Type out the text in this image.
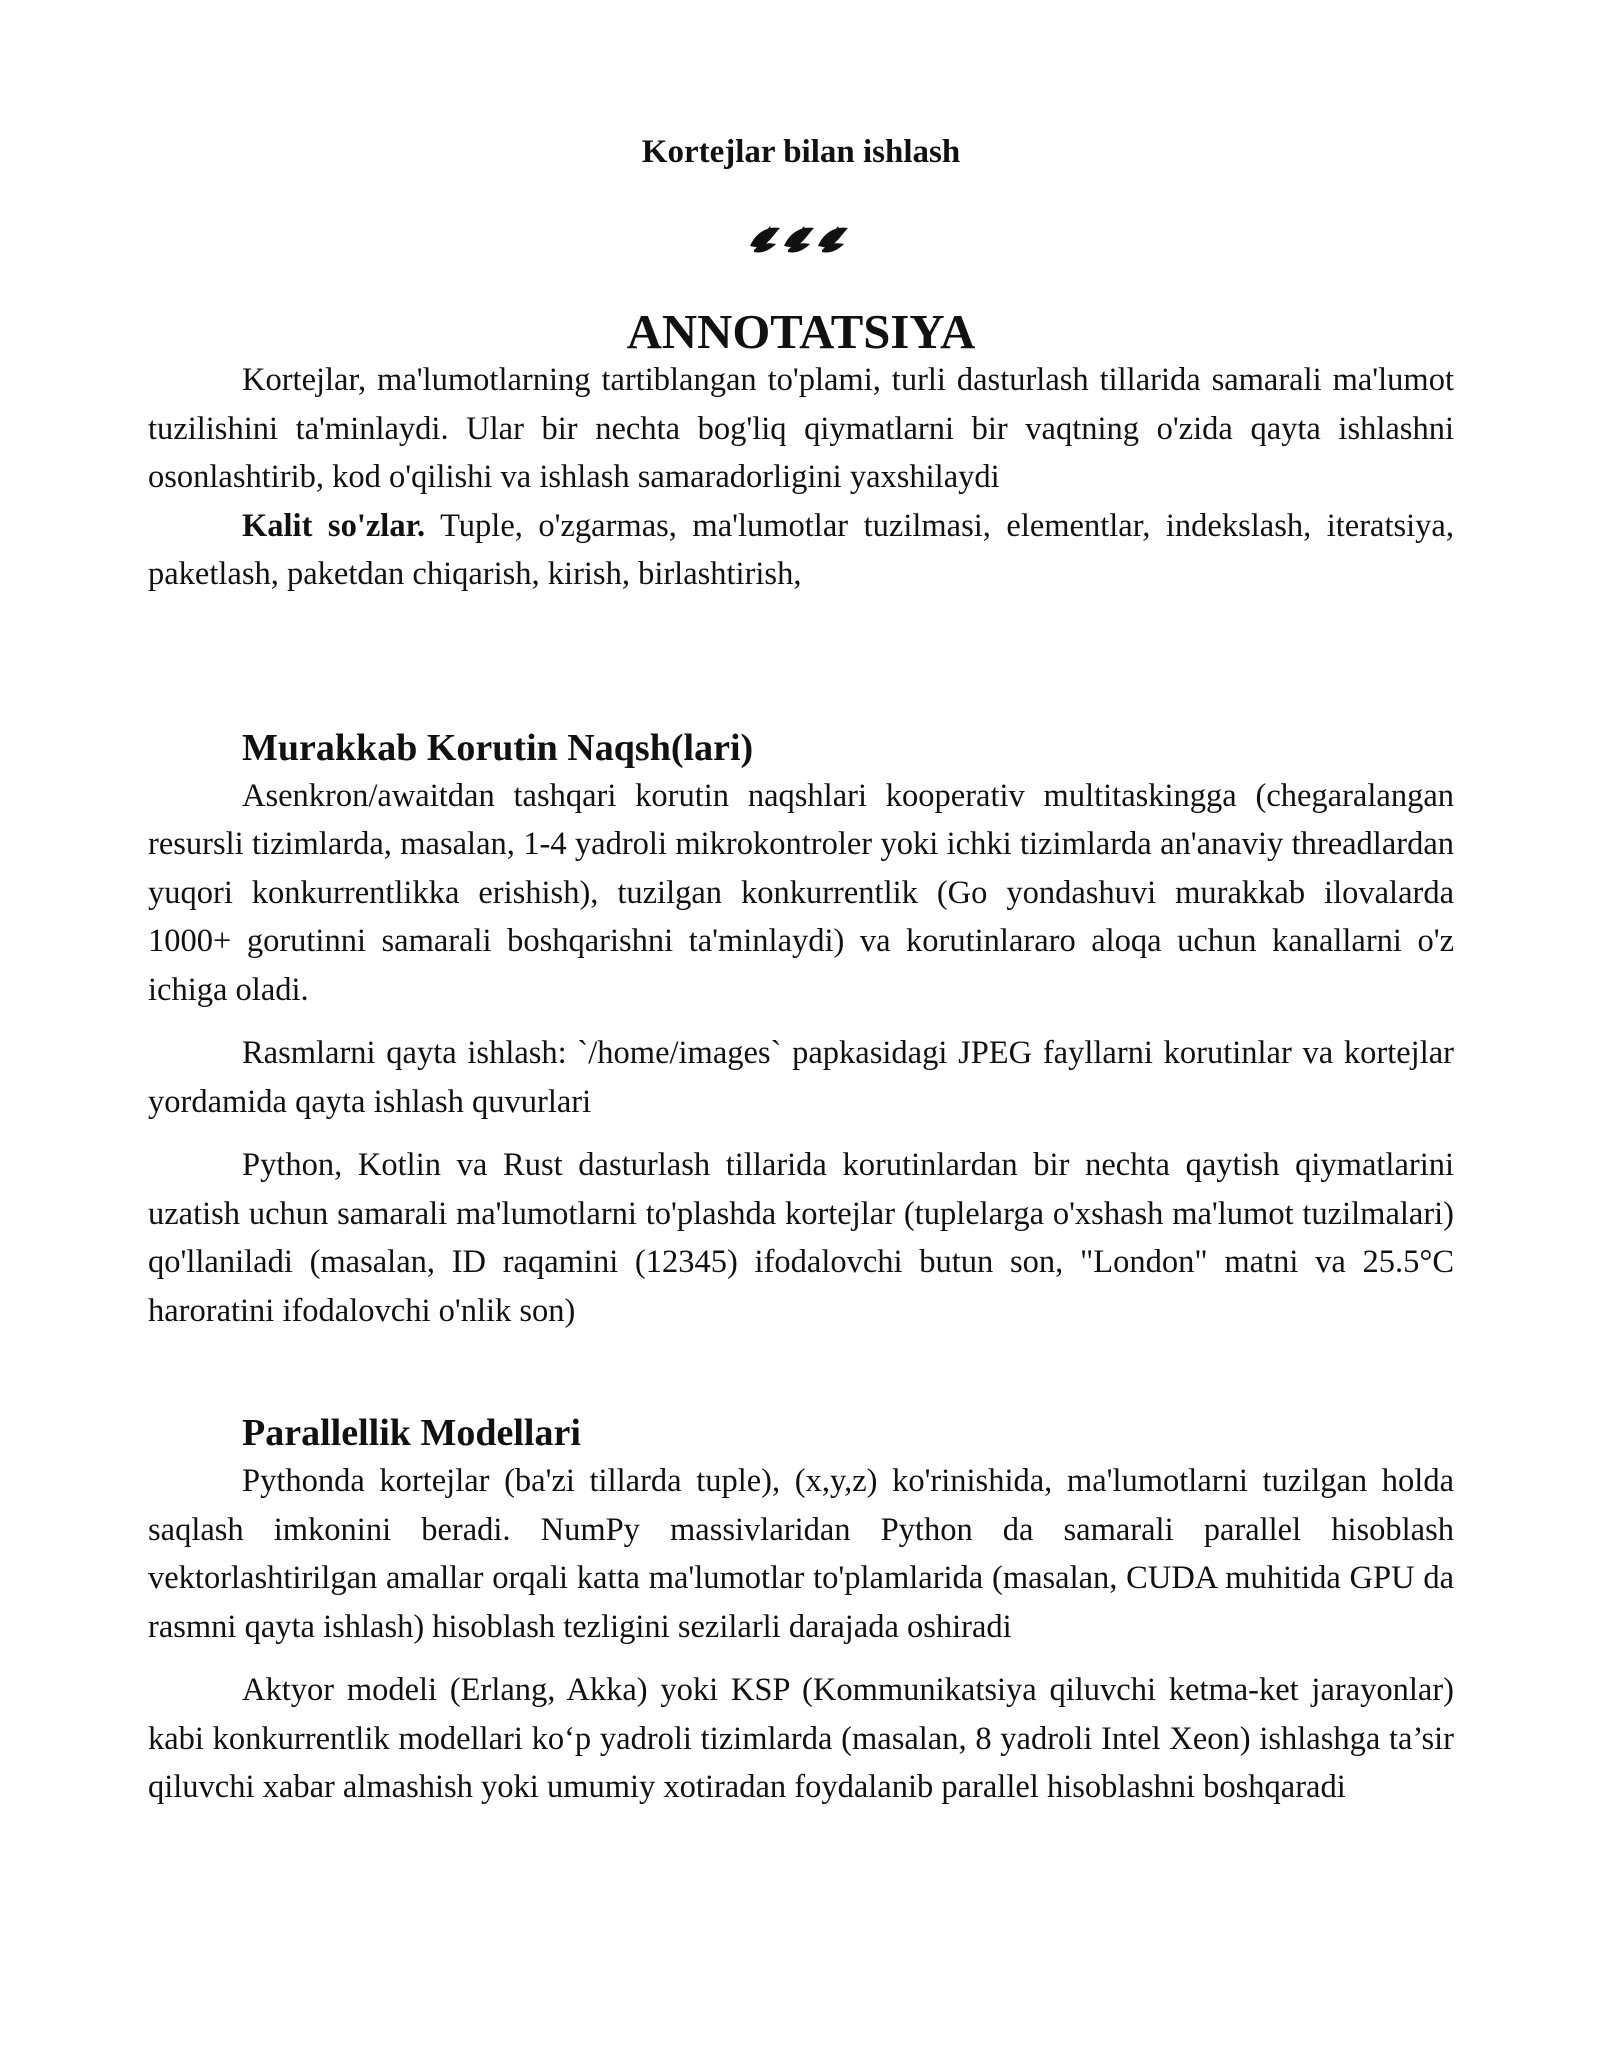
Kortejlar bilan ishlash
ANNOTATSIYA

Kortejlar, ma'lumotlarning tartiblangan to'plami, turli dasturlash tillarida samarali ma'lumot tuzilishini ta'minlaydi. Ular bir nechta bog'liq qiymatlarni bir vaqtning o'zida qayta ishlashni osonlashtirib, kod o'qilishi va ishlash samaradorligini yaxshilaydi

Kalit so'zlar. Tuple, o'zgarmas, ma'lumotlar tuzilmasi, elementlar, indekslash, iteratsiya, paketlash, paketdan chiqarish, kirish, birlashtirish,

Murakkab Korutin Naqsh(lari)

Asenkron/awaitdan tashqari korutin naqshlari kooperativ multitaskingga (chegaralangan resursli tizimlarda, masalan, 1-4 yadroli mikrokontroler yoki ichki tizimlarda an'anaviy threadlardan yuqori konkurrentlikka erishish), tuzilgan konkurrentlik (Go yondashuvi murakkab ilovalarda 1000+ gorutinni samarali boshqarishni ta'minlaydi) va korutinlararo aloqa uchun kanallarni o'z ichiga oladi.

Rasmlarni qayta ishlash: `/home/images` papkasidagi JPEG fayllarni korutinlar va kortejlar yordamida qayta ishlash quvurlari

Python, Kotlin va Rust dasturlash tillarida korutinlardan bir nechta qaytish qiymatlarini uzatish uchun samarali ma'lumotlarni to'plashda kortejlar (tuplelarga o'xshash ma'lumot tuzilmalari) qo'llaniladi (masalan, ID raqamini (12345) ifodalovchi butun son, "London" matni va 25.5°C haroratini ifodalovchi o'nlik son)

Parallellik Modellari

Pythonda kortejlar (ba'zi tillarda tuple), (x,y,z) ko'rinishida, ma'lumotlarni tuzilgan holda saqlash imkonini beradi. NumPy massivlaridan Python da samarali parallel hisoblash vektorlashtirilgan amallar orqali katta ma'lumotlar to'plamlarida (masalan, CUDA muhitida GPU da rasmni qayta ishlash) hisoblash tezligini sezilarli darajada oshiradi

Aktyor modeli (Erlang, Akka) yoki KSP (Kommunikatsiya qiluvchi ketma-ket jarayonlar) kabi konkurrentlik modellari ko‘p yadroli tizimlarda (masalan, 8 yadroli Intel Xeon) ishlashga ta’sir qiluvchi xabar almashish yoki umumiy xotiradan foydalanib parallel hisoblashni boshqaradi
